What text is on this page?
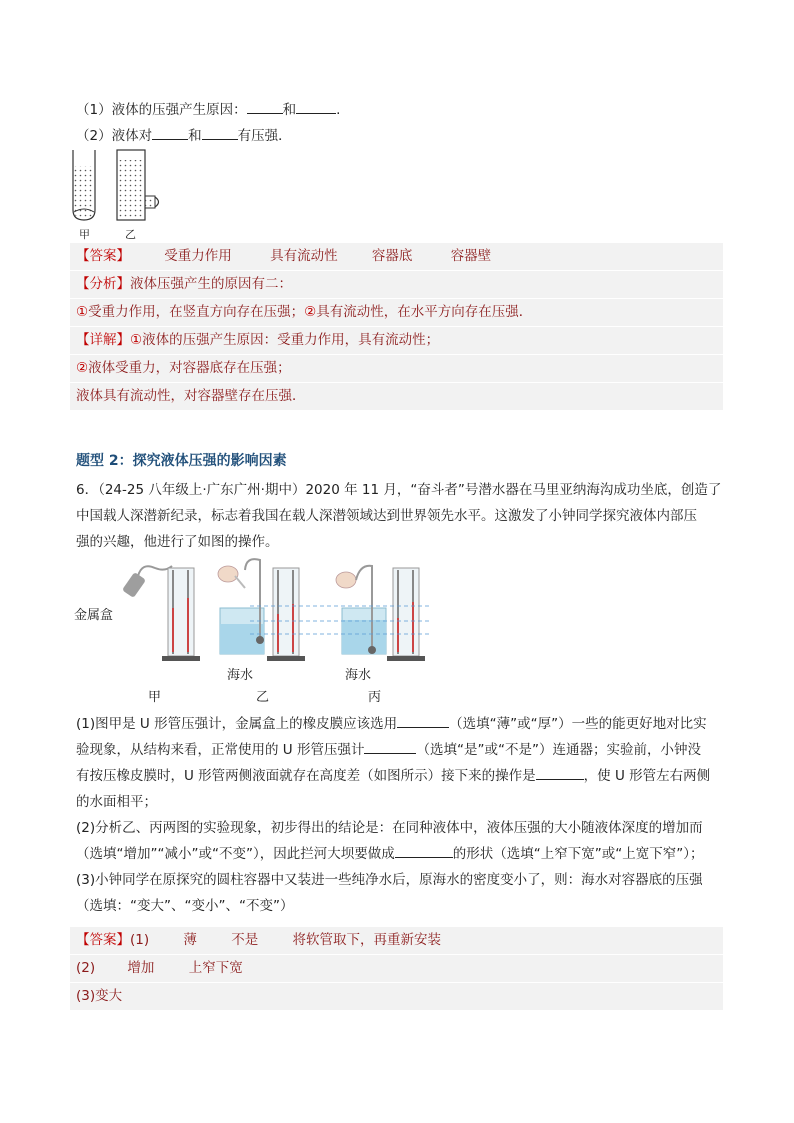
（1）液体的压强产生原因：	和	.
（2）液体对	和	有压强．
甲	乙
【答案】	受重力作用	具有流动性	容器底	容器壁
【分析】液体压强产生的原因有二：
①受重力作用，在竖直方向存在压强；②具有流动性，在水平方向存在压强．
【详解】①液体的压强产生原因：受重力作用，具有流动性；
②液体受重力，对容器底存在压强；
液体具有流动性，对容器壁存在压强．
题型 2：探究液体压强的影响因素
6．（24-25 八年级上·广东广州·期中）2020 年 11 月，“奋斗者”号潜水器在马里亚纳海沟成功坐底，创造了
中国载人深潜新纪录，标志着我国在载人深潜领域达到世界领先水平。这激发了小钟同学探究液体内部压
强的兴趣，他进行了如图的操作。
金属盒
海水	海水
甲	乙	丙
(1)图甲是 U 形管压强计，金属盒上的橡皮膜应该选用	（选填“薄”或“厚”）一些的能更好地对比实
验现象，从结构来看，正常使用的 U 形管压强计	（选填“是”或“不是”）连通器；实验前，小钟没
有按压橡皮膜时，U 形管两侧液面就存在高度差（如图所示）接下来的操作是	，使 U 形管左右两侧
的水面相平；
(2)分析乙、丙两图的实验现象，初步得出的结论是：在同种液体中，液体压强的大小随液体深度的增加而
（选填“增加”“减小”或“不变”），因此拦河大坝要做成	的形状（选填“上窄下宽”或“上宽下窄”）；
(3)小钟同学在原探究的圆柱容器中又装进一些纯净水后，原海水的密度变小了，则：海水对容器底的压强
（选填：“变大”、“变小”、“不变”）
【答案】(1)	薄	不是	将软管取下，再重新安装
(2) 增加	上窄下宽
(3)变大
